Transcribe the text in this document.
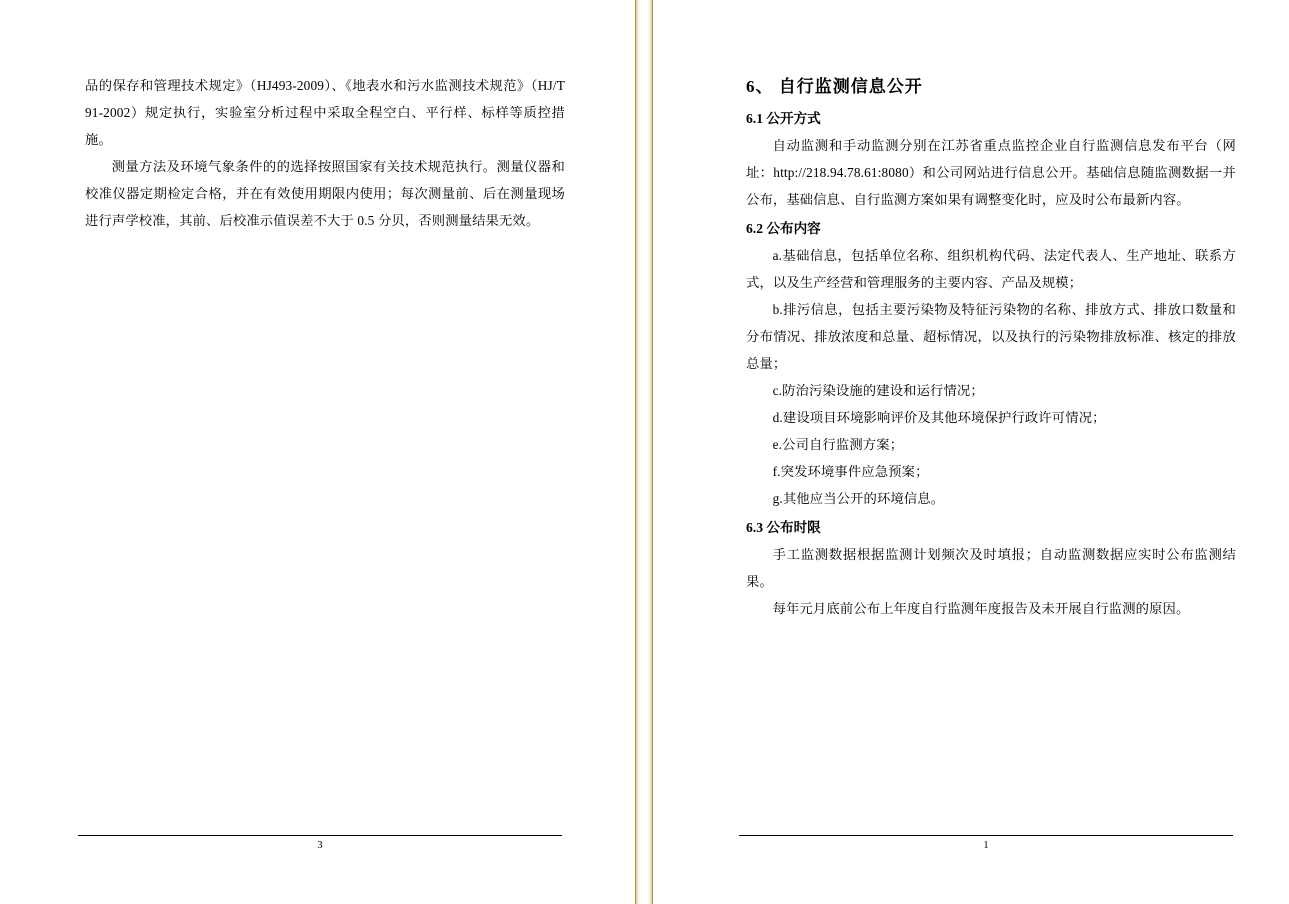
品的保存和管理技术规定》（HJ493-2009）、《地表水和污水监测技术规范》（HJ/T 91-2002）规定执行，实验室分析过程中采取全程空白、平行样、标样等质控措施。

测量方法及环境气象条件的的选择按照国家有关技术规范执行。测量仪器和校准仪器定期检定合格，并在有效使用期限内使用；每次测量前、后在测量现场进行声学校准，其前、后校准示值误差不大于 0.5 分贝，否则测量结果无效。

3
6、 自行监测信息公开
6.1 公开方式

自动监测和手动监测分别在江苏省重点监控企业自行监测信息发布平台（网址：http://218.94.78.61:8080）和公司网站进行信息公开。基础信息随监测数据一并公布，基础信息、自行监测方案如果有调整变化时，应及时公布最新内容。

6.2 公布内容

a.基础信息，包括单位名称、组织机构代码、法定代表人、生产地址、联系方式，以及生产经营和管理服务的主要内容、产品及规模；

b.排污信息，包括主要污染物及特征污染物的名称、排放方式、排放口数量和分布情况、排放浓度和总量、超标情况，以及执行的污染物排放标准、核定的排放总量；

c.防治污染设施的建设和运行情况；

d.建设项目环境影响评价及其他环境保护行政许可情况；

e.公司自行监测方案；

f.突发环境事件应急预案；

g.其他应当公开的环境信息。

6.3 公布时限

手工监测数据根据监测计划频次及时填报；自动监测数据应实时公布监测结果。

每年元月底前公布上年度自行监测年度报告及未开展自行监测的原因。

1
